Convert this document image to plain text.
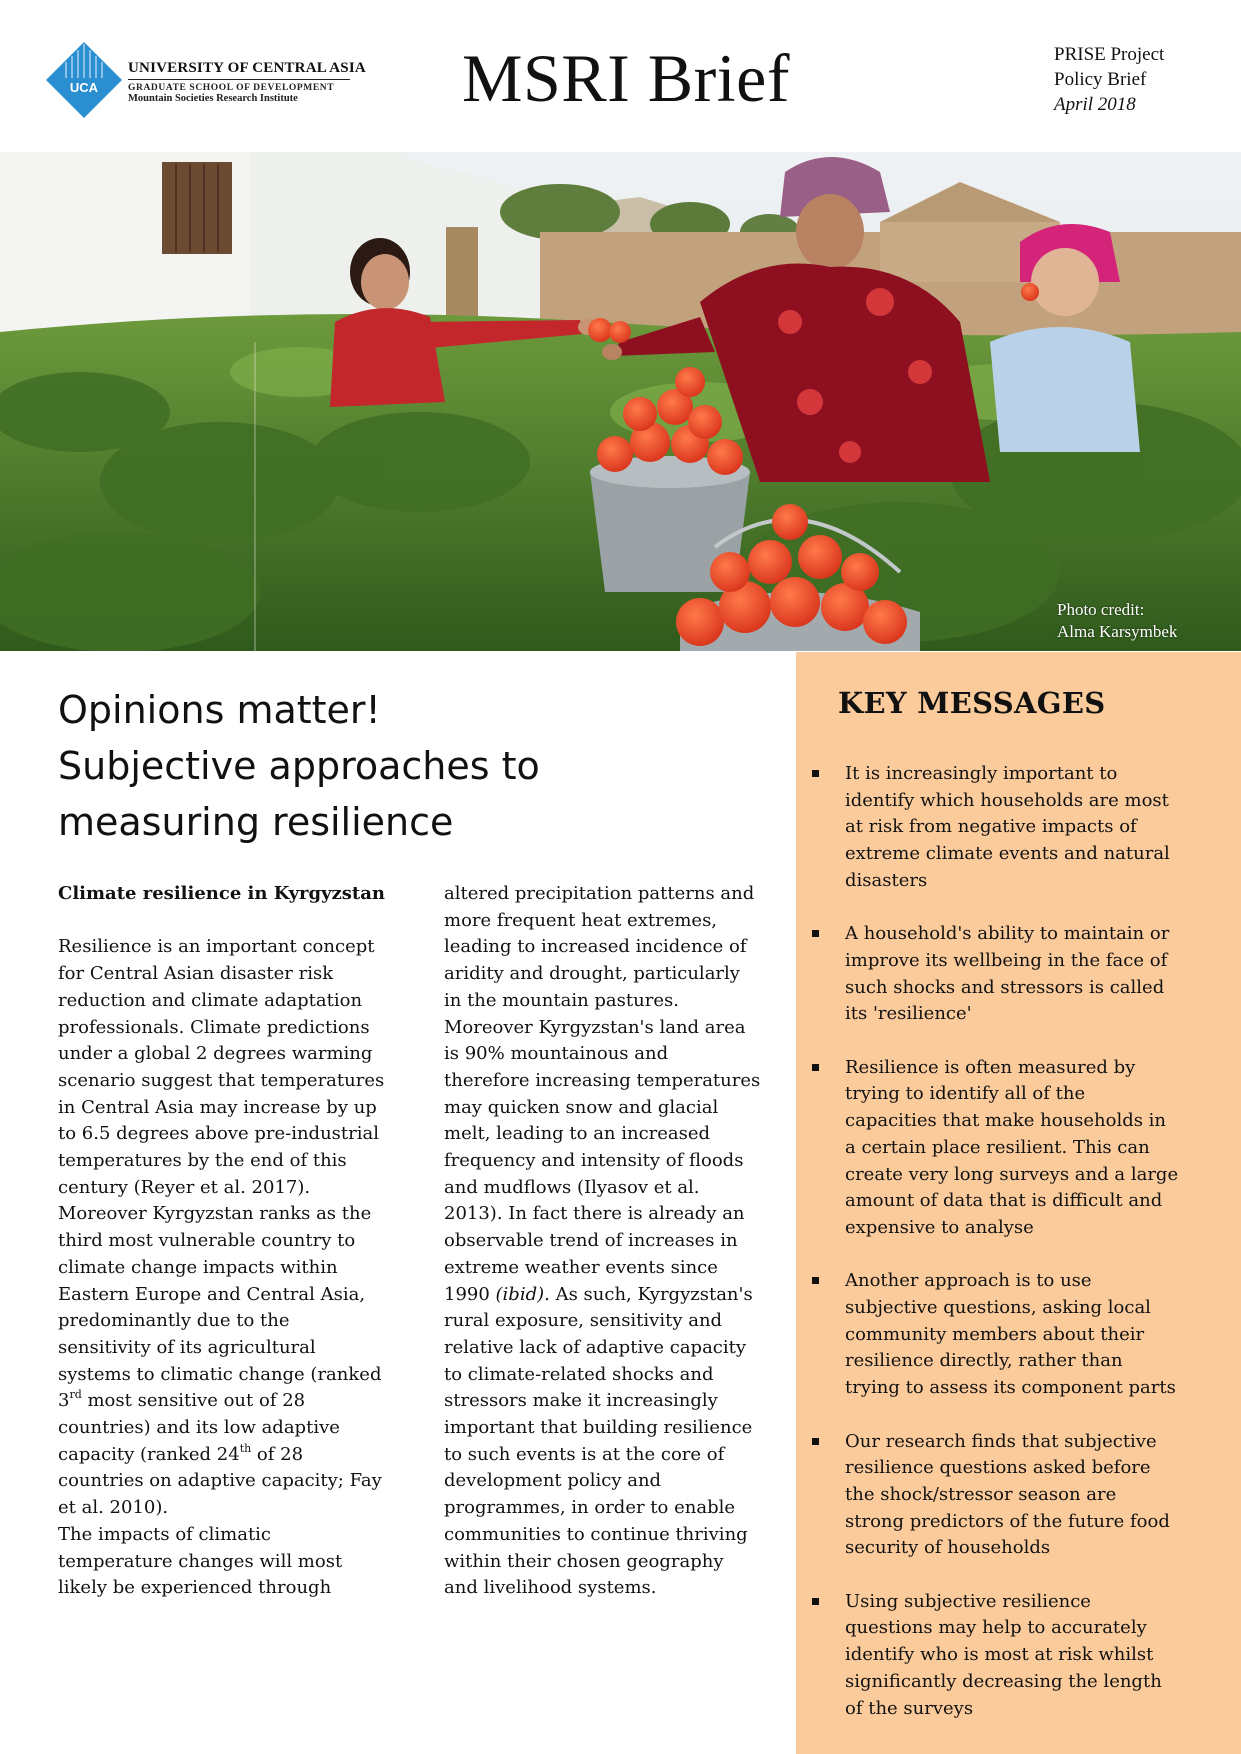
UCA
UNIVERSITY OF CENTRAL ASIA
GRADUATE SCHOOL OF DEVELOPMENT
Mountain Societies Research Institute	MSRI Brief	PRISE Project
Policy Brief
April 2018
Photo credit:
Alma Karsymbek
Opinions matter!
Subjective approaches to
measuring resilience
Climate resilience in Kyrgyzstan
Resilience is an important concept
for Central Asian disaster risk
reduction and climate adaptation
professionals. Climate predictions
under a global 2 degrees warming
scenario suggest that temperatures
in Central Asia may increase by up
to 6.5 degrees above pre-industrial
temperatures by the end of this
century (Reyer et al. 2017).
Moreover Kyrgyzstan ranks as the
third most vulnerable country to
climate change impacts within
Eastern Europe and Central Asia,
predominantly due to the
sensitivity of its agricultural
systems to climatic change (ranked
3rd most sensitive out of 28
countries) and its low adaptive
capacity (ranked 24th of 28
countries on adaptive capacity; Fay
et al. 2010).
The impacts of climatic
temperature changes will most
likely be experienced through
altered precipitation patterns and
more frequent heat extremes,
leading to increased incidence of
aridity and drought, particularly
in the mountain pastures.
Moreover Kyrgyzstan's land area
is 90% mountainous and
therefore increasing temperatures
may quicken snow and glacial
melt, leading to an increased
frequency and intensity of floods
and mudflows (Ilyasov et al.
2013). In fact there is already an
observable trend of increases in
extreme weather events since
1990 (ibid). As such, Kyrgyzstan's
rural exposure, sensitivity and
relative lack of adaptive capacity
to climate-related shocks and
stressors make it increasingly
important that building resilience
to such events is at the core of
development policy and
programmes, in order to enable
communities to continue thriving
within their chosen geography
and livelihood systems.
KEY MESSAGES
It is increasingly important to
identify which households are most
at risk from negative impacts of
extreme climate events and natural
disasters
A household's ability to maintain or
improve its wellbeing in the face of
such shocks and stressors is called
its 'resilience'
Resilience is often measured by
trying to identify all of the
capacities that make households in
a certain place resilient. This can
create very long surveys and a large
amount of data that is difficult and
expensive to analyse
Another approach is to use
subjective questions, asking local
community members about their
resilience directly, rather than
trying to assess its component parts
Our research finds that subjective
resilience questions asked before
the shock/stressor season are
strong predictors of the future food
security of households
Using subjective resilience
questions may help to accurately
identify who is most at risk whilst
significantly decreasing the length
of the surveys
